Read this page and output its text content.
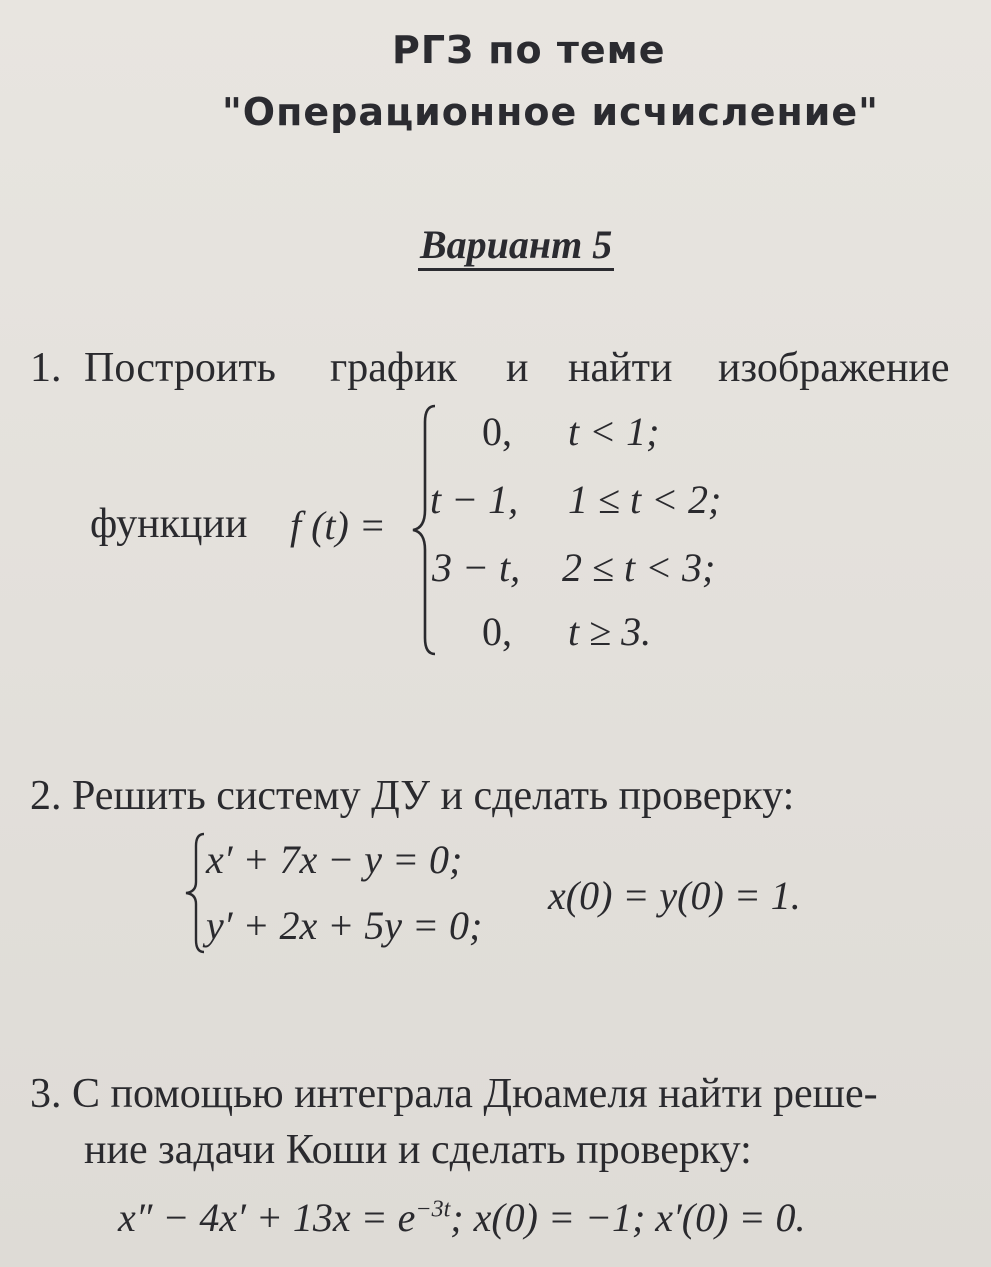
РГЗ по теме
"Операционное исчисление"
Вариант 5
1. Построить график и найти изображение
функции f (t) =
0, t < 1;
t − 1, 1 ≤ t < 2;
3 − t, 2 ≤ t < 3;
0, t ≥ 3.
2. Решить систему ДУ и сделать проверку:
x′ + 7x − y = 0;
y′ + 2x + 5y = 0;
x(0) = y(0) = 1.
3. С помощью интеграла Дюамеля найти реше-
ние задачи Коши и сделать проверку:
$x'' - 4x' + 13x = e^{-3t}$; x(0) = −1; x′(0) = 0.
